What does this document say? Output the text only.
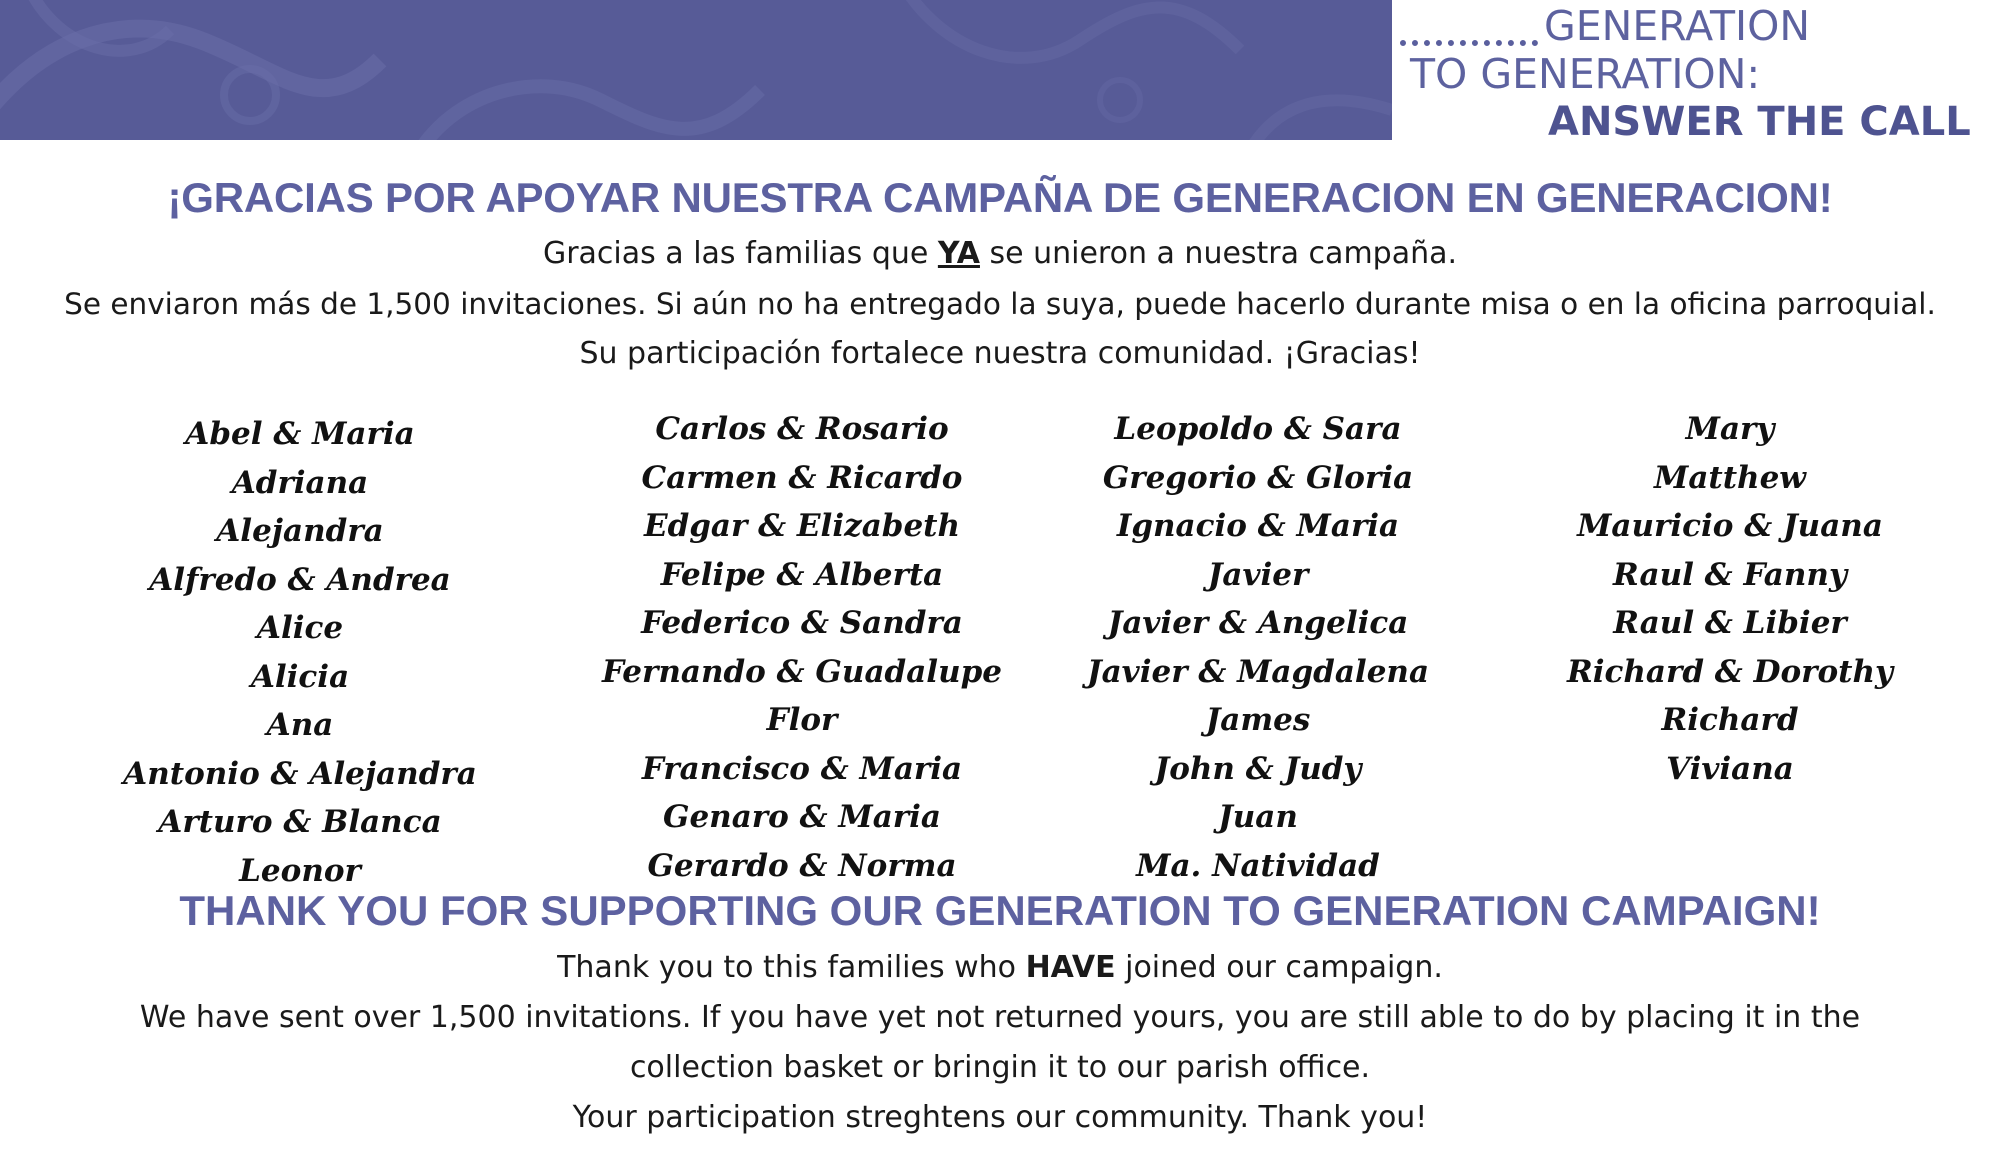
GENERATION
TO GENERATION:
ANSWER THE CALL
¡GRACIAS POR APOYAR NUESTRA CAMPAÑA DE GENERACION EN GENERACION!
Gracias a las familias que YA se unieron a nuestra campaña.
Se enviaron más de 1,500 invitaciones. Si aún no ha entregado la suya, puede hacerlo durante misa o en la oficina parroquial.
Su participación fortalece nuestra comunidad. ¡Gracias!
Abel & Maria
Adriana
Alejandra
Alfredo & Andrea
Alice
Alicia
Ana
Antonio & Alejandra
Arturo & Blanca
Leonor
Carlos & Rosario
Carmen & Ricardo
Edgar & Elizabeth
Felipe & Alberta
Federico & Sandra
Fernando & Guadalupe
Flor
Francisco & Maria
Genaro & Maria
Gerardo & Norma
Leopoldo & Sara
Gregorio & Gloria
Ignacio & Maria
Javier
Javier & Angelica
Javier & Magdalena
James
John & Judy
Juan
Ma. Natividad
Mary
Matthew
Mauricio & Juana
Raul & Fanny
Raul & Libier
Richard & Dorothy
Richard
Viviana
THANK YOU FOR SUPPORTING OUR GENERATION TO GENERATION CAMPAIGN!
Thank you to this families who HAVE joined our campaign.
We have sent over 1,500 invitations. If you have yet not returned yours, you are still able to do by placing it in the
collection basket or bringin it to our parish office.
Your participation streghtens our community. Thank you!
